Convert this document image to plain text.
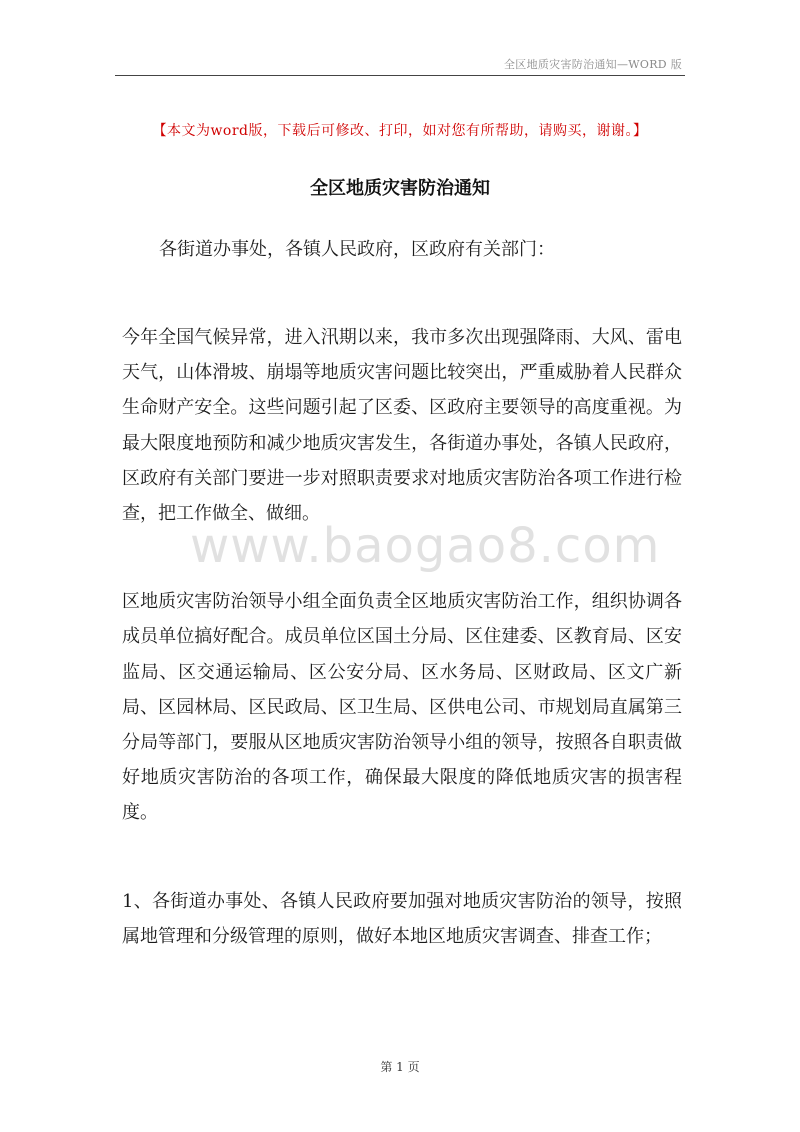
全区地质灾害防治通知—WORD 版
【本文为word版，下载后可修改、打印，如对您有所帮助，请购买，谢谢。】
全区地质灾害防治通知

各街道办事处，各镇人民政府，区政府有关部门：

今年全国气候异常，进入汛期以来，我市多次出现强降雨、大风、雷电天气，山体滑坡、崩塌等地质灾害问题比较突出，严重威胁着人民群众生命财产安全。这些问题引起了区委、区政府主要领导的高度重视。为最大限度地预防和减少地质灾害发生，各街道办事处，各镇人民政府，区政府有关部门要进一步对照职责要求对地质灾害防治各项工作进行检查，把工作做全、做细。

区地质灾害防治领导小组全面负责全区地质灾害防治工作，组织协调各成员单位搞好配合。成员单位区国土分局、区住建委、区教育局、区安监局、区交通运输局、区公安分局、区水务局、区财政局、区文广新局、区园林局、区民政局、区卫生局、区供电公司、市规划局直属第三分局等部门，要服从区地质灾害防治领导小组的领导，按照各自职责做好地质灾害防治的各项工作，确保最大限度的降低地质灾害的损害程度。

1、各街道办事处、各镇人民政府要加强对地质灾害防治的领导，按照属地管理和分级管理的原则，做好本地区地质灾害调查、排查工作；

www.baogao8.com
第 1 页
